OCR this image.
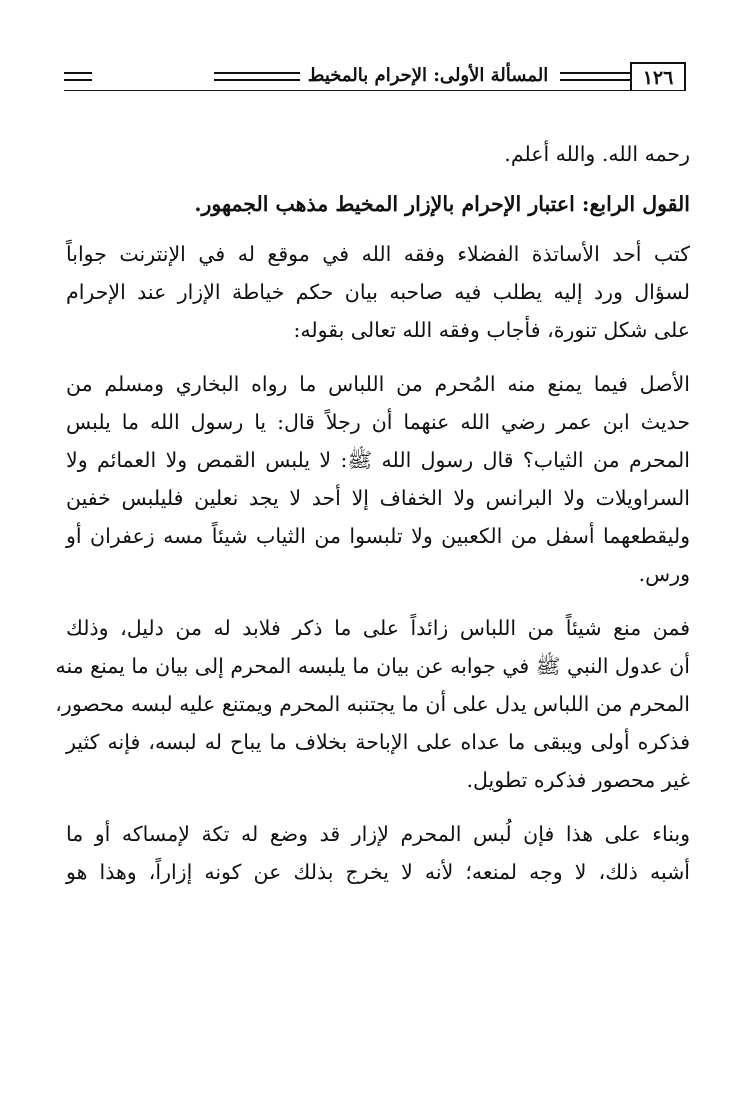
١٢٦
المسألة الأولى: الإحرام بالمخيط
رحمه الله. والله أعلم.
القول الرابع: اعتبار الإحرام بالإزار المخيط مذهب الجمهور.
كتب أحد الأساتذة الفضلاء وفقه الله في موقع له في الإنترنت جواباً
لسؤال ورد إليه يطلب فيه صاحبه بيان حكم خياطة الإزار عند الإحرام
على شكل تنورة، فأجاب وفقه الله تعالى بقوله:
الأصل فيما يمنع منه المُحرم من اللباس ما رواه البخاري ومسلم من
حديث ابن عمر رضي الله عنهما أن رجلاً قال: يا رسول الله ما يلبس
المحرم من الثياب؟ قال رسول الله ﷺ: لا يلبس القمص ولا العمائم ولا
السراويلات ولا البرانس ولا الخفاف إلا أحد لا يجد نعلين فليلبس خفين
وليقطعهما أسفل من الكعبين ولا تلبسوا من الثياب شيئاً مسه زعفران أو
ورس.
فمن منع شيئاً من اللباس زائداً على ما ذكر فلابد له من دليل، وذلك
أن عدول النبي ﷺ في جوابه عن بيان ما يلبسه المحرم إلى بيان ما يمنع منه
المحرم من اللباس يدل على أن ما يجتنبه المحرم ويمتنع عليه لبسه محصور،
فذكره أولى ويبقى ما عداه على الإباحة بخلاف ما يباح له لبسه، فإنه كثير
غير محصور فذكره تطويل.
وبناء على هذا فإن لُبس المحرم لإزار قد وضع له تكة لإمساكه أو ما
أشبه ذلك، لا وجه لمنعه؛ لأنه لا يخرج بذلك عن كونه إزاراً، وهذا هو
